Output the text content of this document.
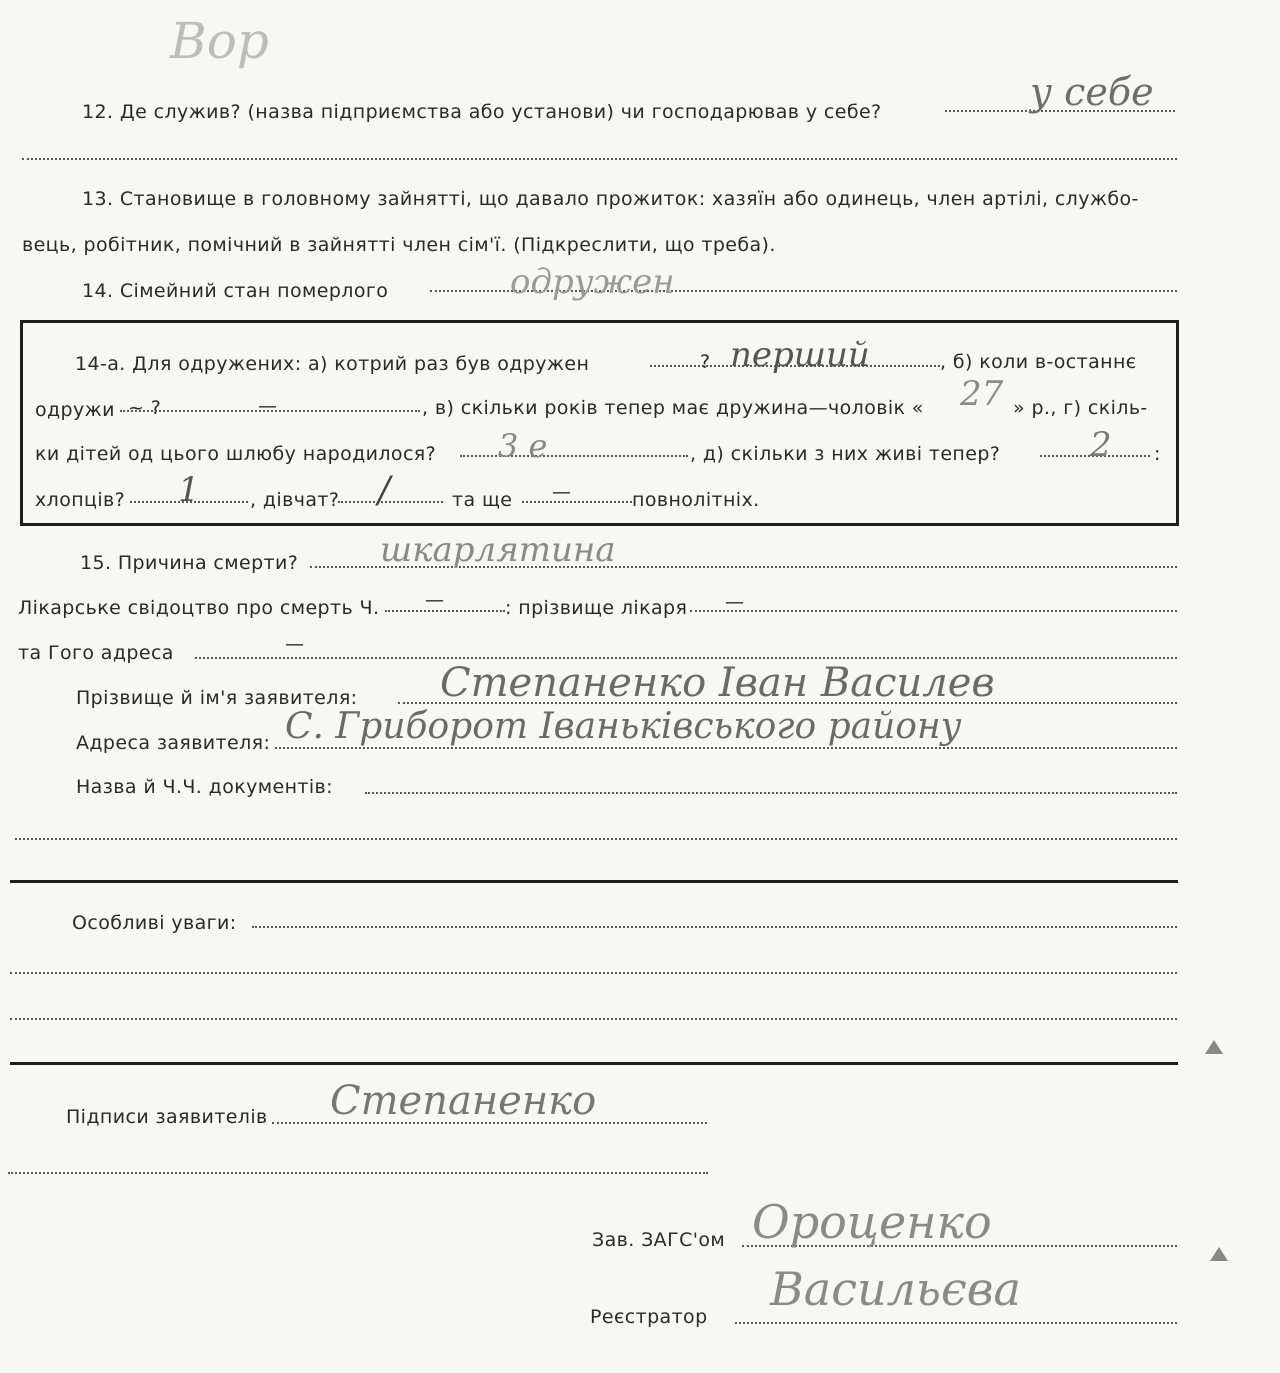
Вор
12. Де служив? (назва підприємства або установи) чи господарював у себе?	у себе
13. Становище в головному зайнятті, що давало прожиток: хазяїн або одинець, член артілі, службо-
вець, робітник, помічний в зайнятті член сім'ї. (Підкреслити, що треба).
14. Сімейний стан померлого	одружен
14-а. Для одружених: а) котрий раз був одружен	? перший	, б) коли в-останнє
одружи ~ ?	—	, в) скільки років тепер має дружина—чоловік « 27 » р., г) скіль-
ки дітей од цього шлюбу народилося? 3 е	, д) скільки з них живі тепер?	2 :
хлопців? 1	, дівчат? /	та ще —	повнолітніх.
15. Причина смерти? шкарлятина
Лікарське свідоцтво про смерть Ч. —	: прізвище лікаря —
та Гого адреса	—
Прізвище й ім'я заявителя: Степаненко Іван Василев
Адреса заявителя: С. Гриборот Іваньківського району
Назва й Ч.Ч. документів:
Особливі уваги:
Підписи заявителів Степаненко
Зав. ЗАГС'ом Ороценко
Реєстратор
Васильєва
